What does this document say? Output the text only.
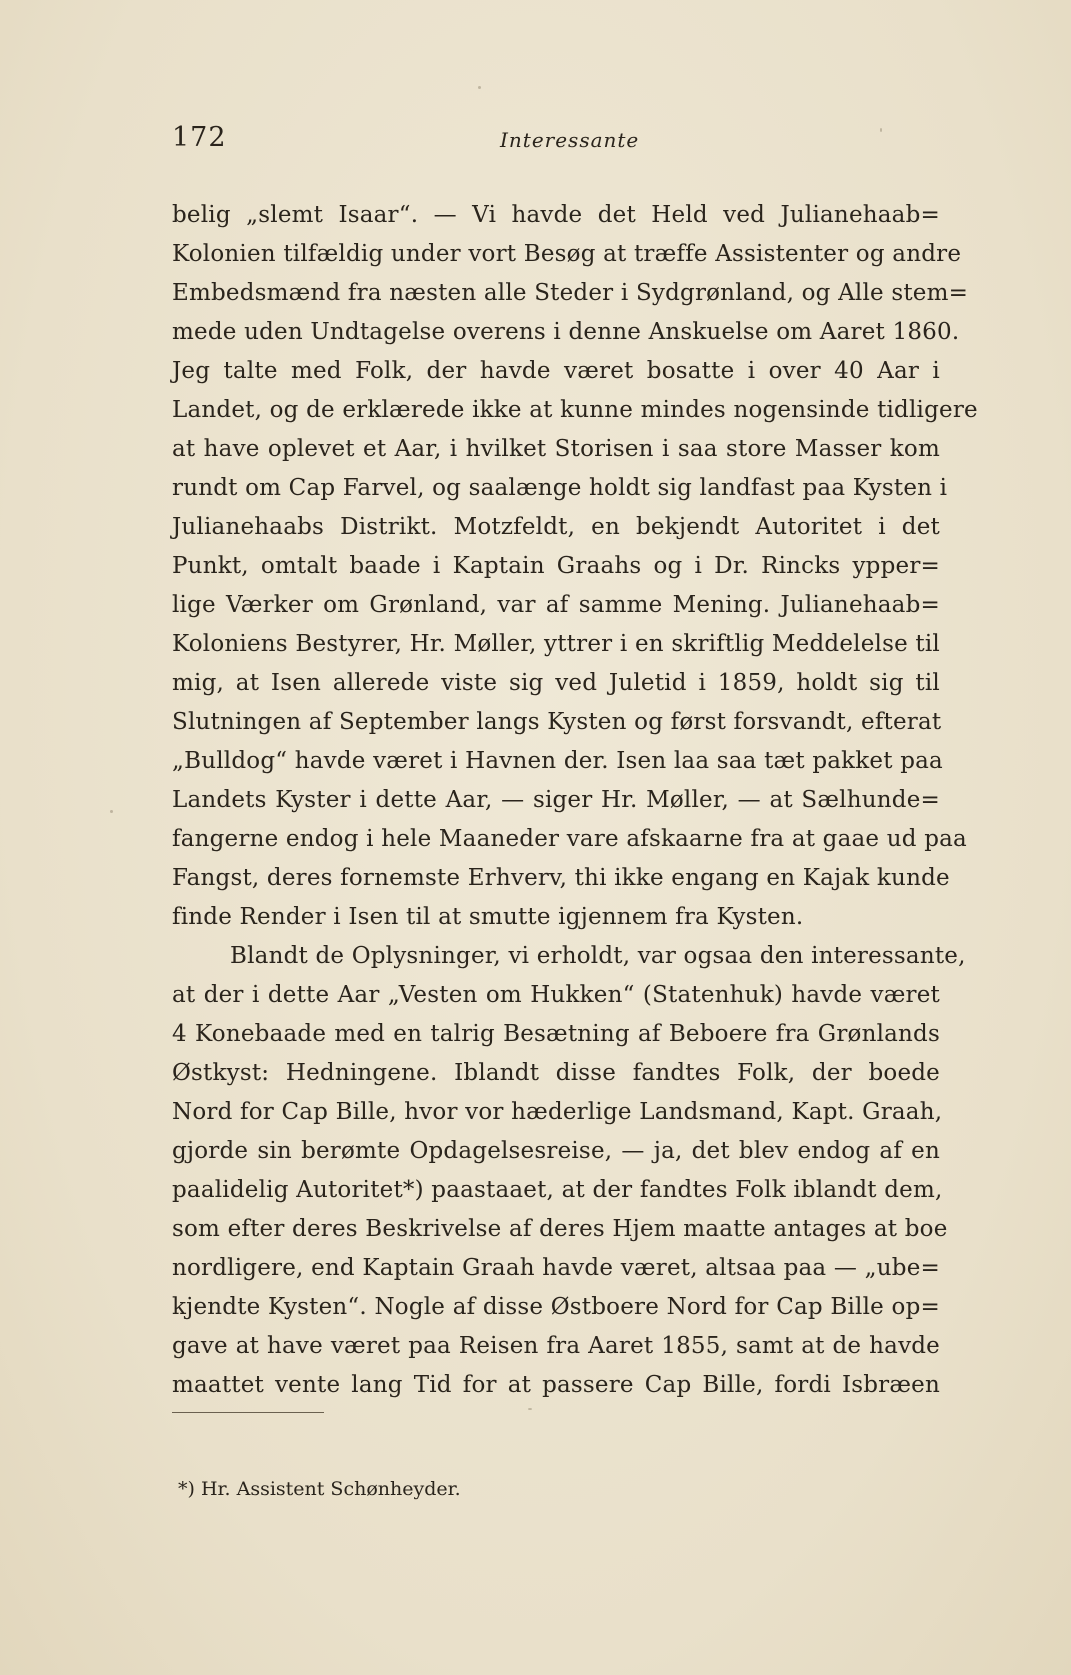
172	Interessante
belig „slemt Isaar“. — Vi havde det Held ved Julianehaab=
Kolonien tilfældig under vort Besøg at træffe Assistenter og andre
Embedsmænd fra næsten alle Steder i Sydgrønland, og Alle stem=
mede uden Undtagelse overens i denne Anskuelse om Aaret 1860.
Jeg talte med Folk, der havde været bosatte i over 40 Aar i
Landet, og de erklærede ikke at kunne mindes nogensinde tidligere
at have oplevet et Aar, i hvilket Storisen i saa store Masser kom
rundt om Cap Farvel, og saalænge holdt sig landfast paa Kysten i
Julianehaabs Distrikt. Motzfeldt, en bekjendt Autoritet i det
Punkt, omtalt baade i Kaptain Graahs og i Dr. Rincks ypper=
lige Værker om Grønland, var af samme Mening. Julianehaab=
Koloniens Bestyrer, Hr. Møller, yttrer i en skriftlig Meddelelse til
mig, at Isen allerede viste sig ved Juletid i 1859, holdt sig til
Slutningen af September langs Kysten og først forsvandt, efterat
„Bulldog“ havde været i Havnen der. Isen laa saa tæt pakket paa
Landets Kyster i dette Aar, — siger Hr. Møller, — at Sælhunde=
fangerne endog i hele Maaneder vare afskaarne fra at gaae ud paa
Fangst, deres fornemste Erhverv, thi ikke engang en Kajak kunde
finde Render i Isen til at smutte igjennem fra Kysten.
Blandt de Oplysninger, vi erholdt, var ogsaa den interessante,
at der i dette Aar „Vesten om Hukken“ (Statenhuk) havde været
4 Konebaade med en talrig Besætning af Beboere fra Grønlands
Østkyst: Hedningene. Iblandt disse fandtes Folk, der boede
Nord for Cap Bille, hvor vor hæderlige Landsmand, Kapt. Graah,
gjorde sin berømte Opdagelsesreise, — ja, det blev endog af en
paalidelig Autoritet*) paastaaet, at der fandtes Folk iblandt dem,
som efter deres Beskrivelse af deres Hjem maatte antages at boe
nordligere, end Kaptain Graah havde været, altsaa paa — „ube=
kjendte Kysten“. Nogle af disse Østboere Nord for Cap Bille op=
gave at have været paa Reisen fra Aaret 1855, samt at de havde
maattet vente lang Tid for at passere Cap Bille, fordi Isbræen
*) Hr. Assistent Schønheyder.
